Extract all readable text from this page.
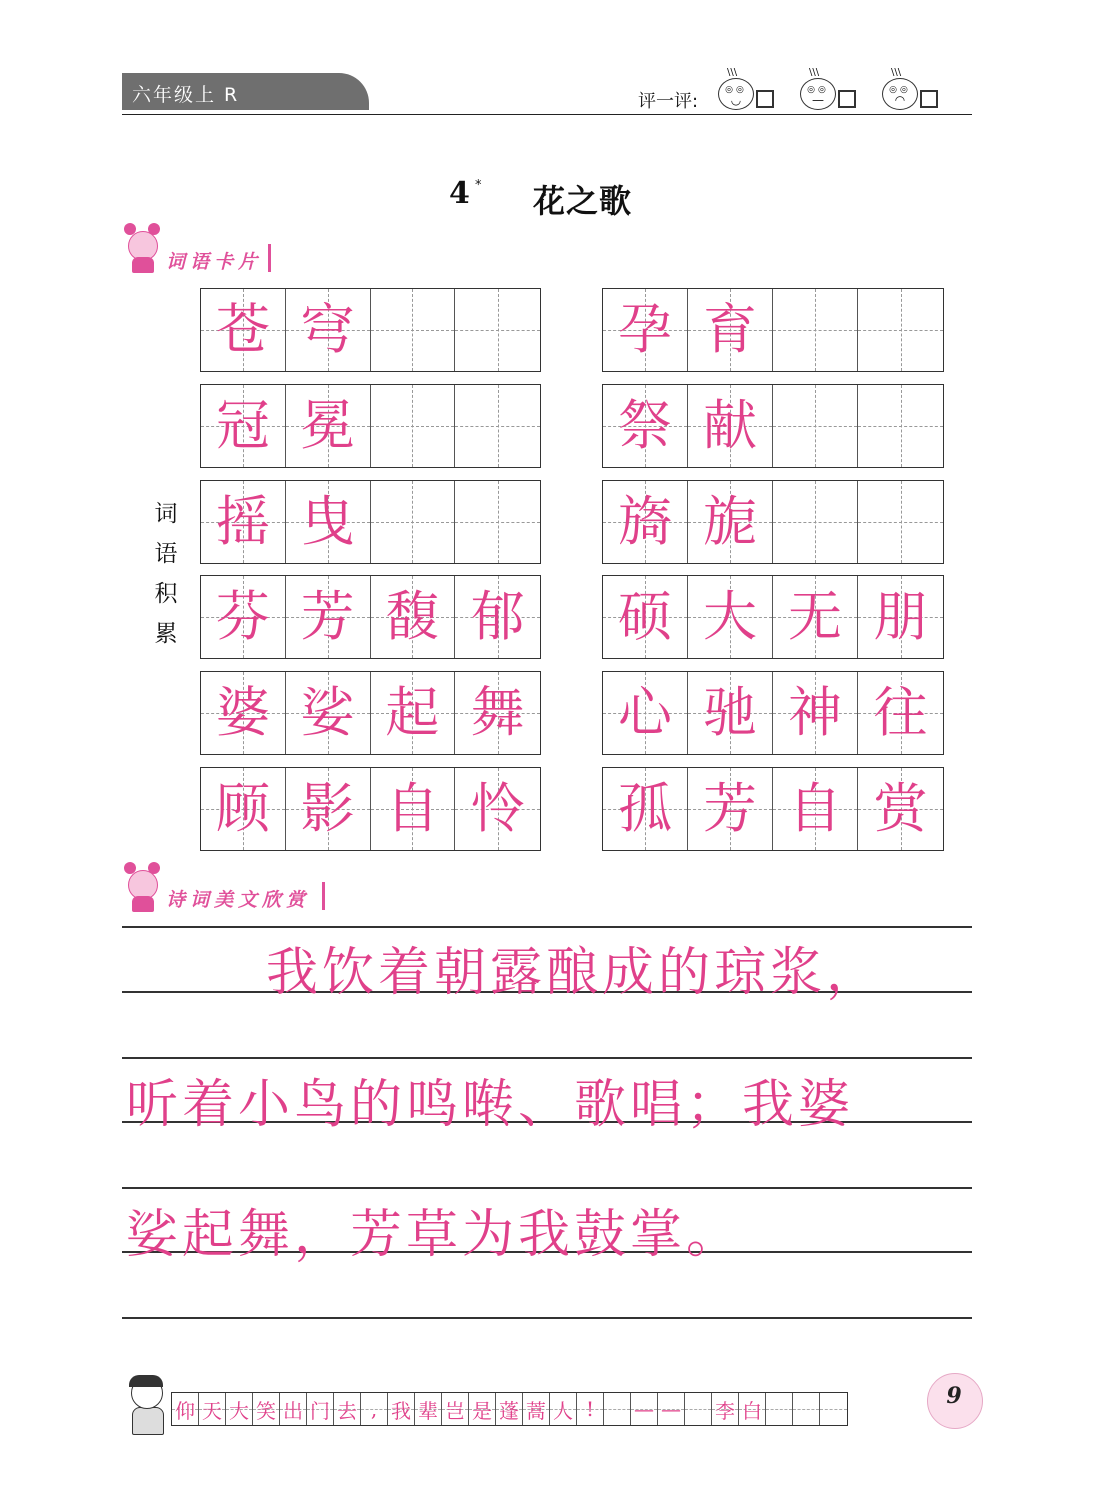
六年级上 R	评一评:
\\\
◎◎
◡
\\\
◎◎
—
\\\
◎◎
◠
4 * 花之歌
词语卡片
词
语
积
累
苍 穹
冠 冕
摇 曳
芬 芳 馥 郁
婆 娑 起 舞
顾 影 自 怜
孕 育
祭 献
旖 旎
硕 大 无 朋
心 驰 神 往
孤 芳 自 赏
诗词美文欣赏
我饮着朝露酿成的琼浆，
听着小鸟的鸣啭、歌唱；我婆
娑起舞，芳草为我鼓掌。
仰 天 大 笑 出 门 去 , 我 辈 岂 是 蓬 蒿 人 ! — — 李 白
9
